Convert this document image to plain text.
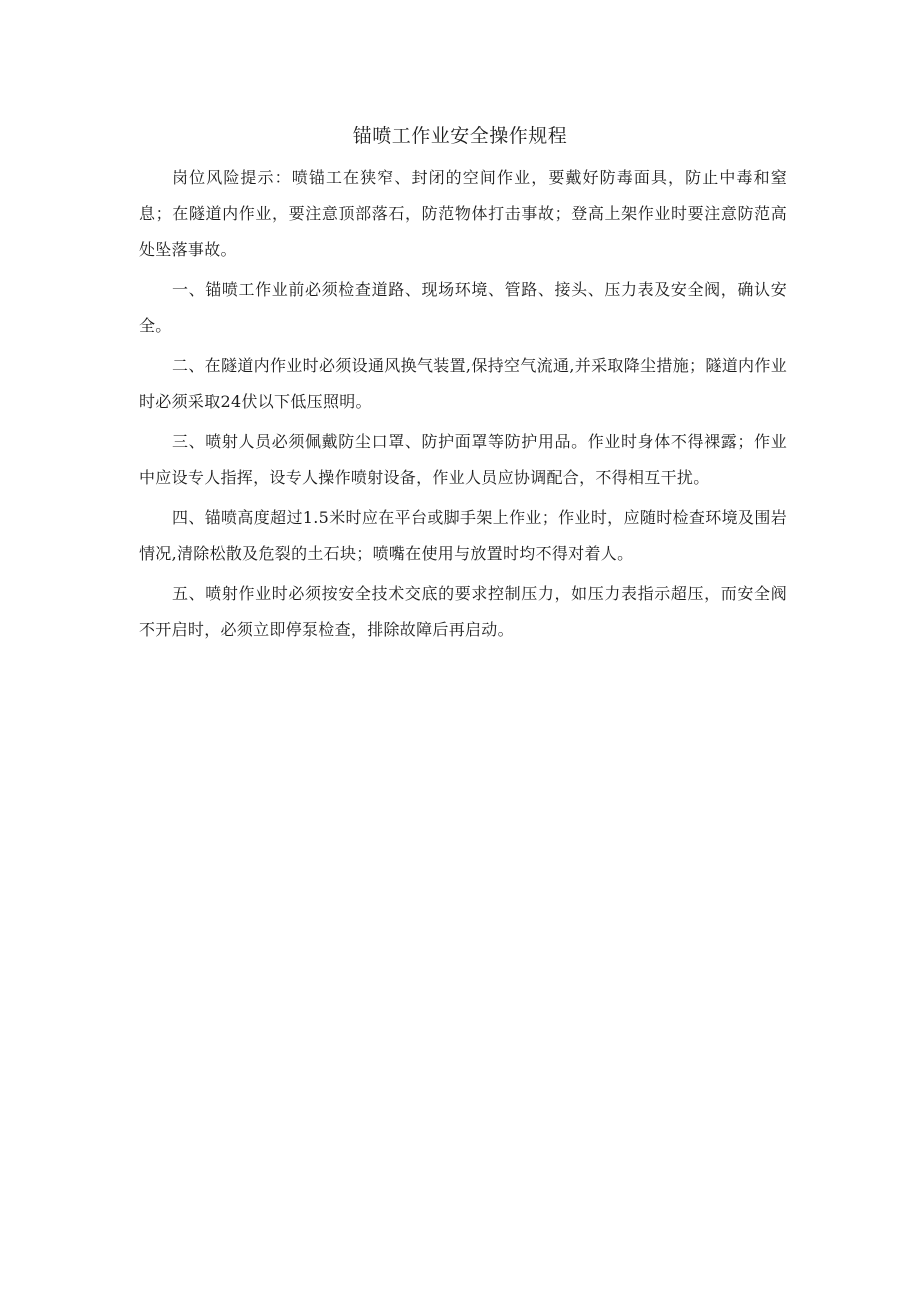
锚喷工作业安全操作规程

岗位风险提示：喷锚工在狭窄、封闭的空间作业，要戴好防毒面具，防止中毒和窒息；在隧道内作业，要注意顶部落石，防范物体打击事故；登高上架作业时要注意防范高处坠落事故。

一、锚喷工作业前必须检查道路、现场环境、管路、接头、压力表及安全阀，确认安全。

二、在隧道内作业时必须设通风换气装置,保持空气流通,并采取降尘措施；隧道内作业时必须采取24伏以下低压照明。

三、喷射人员必须佩戴防尘口罩、防护面罩等防护用品。作业时身体不得裸露；作业中应设专人指挥，设专人操作喷射设备，作业人员应协调配合，不得相互干扰。

四、锚喷高度超过1.5米时应在平台或脚手架上作业；作业时，应随时检查环境及围岩情况,清除松散及危裂的土石块；喷嘴在使用与放置时均不得对着人。

五、喷射作业时必须按安全技术交底的要求控制压力，如压力表指示超压，而安全阀不开启时，必须立即停泵检查，排除故障后再启动。
